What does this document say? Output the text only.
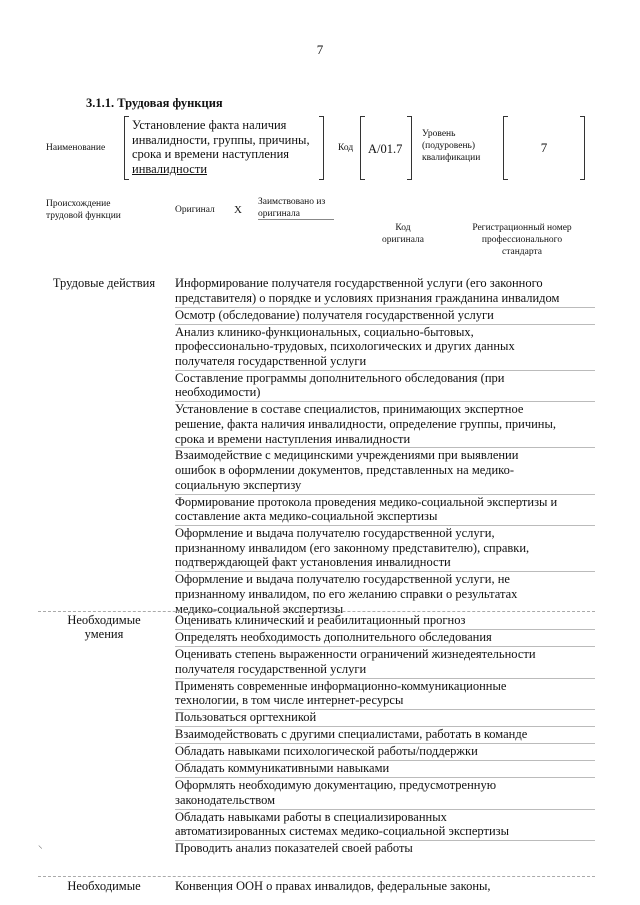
7
3.1.1. Трудовая функция
Наименование
Установление факта наличия
инвалидности, группы, причины,
срока и времени наступления
инвалидности
Код А/01.7
Уровень
(подуровень)
квалификации
7
Происхождение
трудовой функции
Оригинал X
Заимствовано из
оригинала
Код
оригинала
Регистрационный номер
профессионального
стандарта
Трудовые действия	Информирование получателя государственной услуги (его законного
представителя) о порядке и условиях признания гражданина инвалидом
Осмотр (обследование) получателя государственной услуги
Анализ клинико-функциональных, социально-бытовых,
профессионально-трудовых, психологических и других данных
получателя государственной услуги
Составление программы дополнительного обследования (при
необходимости)
Установление в составе специалистов, принимающих экспертное
решение, факта наличия инвалидности, определение группы, причины,
срока и времени наступления инвалидности
Взаимодействие с медицинскими учреждениями при выявлении
ошибок в оформлении документов, представленных на медико-
социальную экспертизу
Формирование протокола проведения медико-социальной экспертизы и
составление акта медико-социальной экспертизы
Оформление и выдача получателю государственной услуги,
признанному инвалидом (его законному представителю), справки,
подтверждающей факт установления инвалидности
Оформление и выдача получателю государственной услуги, не
признанному инвалидом, по его желанию справки о результатах
медико-социальной экспертизы
Необходимые
умения
Оценивать клинический и реабилитационный прогноз
Определять необходимость дополнительного обследования
Оценивать степень выраженности ограничений жизнедеятельности
получателя государственной услуги
Применять современные информационно-коммуникационные
технологии, в том числе интернет-ресурсы
Пользоваться оргтехникой
Взаимодействовать с другими специалистами, работать в команде
Обладать навыками психологической работы/поддержки
Обладать коммуникативными навыками
Оформлять необходимую документацию, предусмотренную
законодательством
Обладать навыками работы в специализированных
автоматизированных системах медико-социальной экспертизы
Проводить анализ показателей своей работы
⸜
Необходимые	Конвенция ООН о правах инвалидов, федеральные законы,
